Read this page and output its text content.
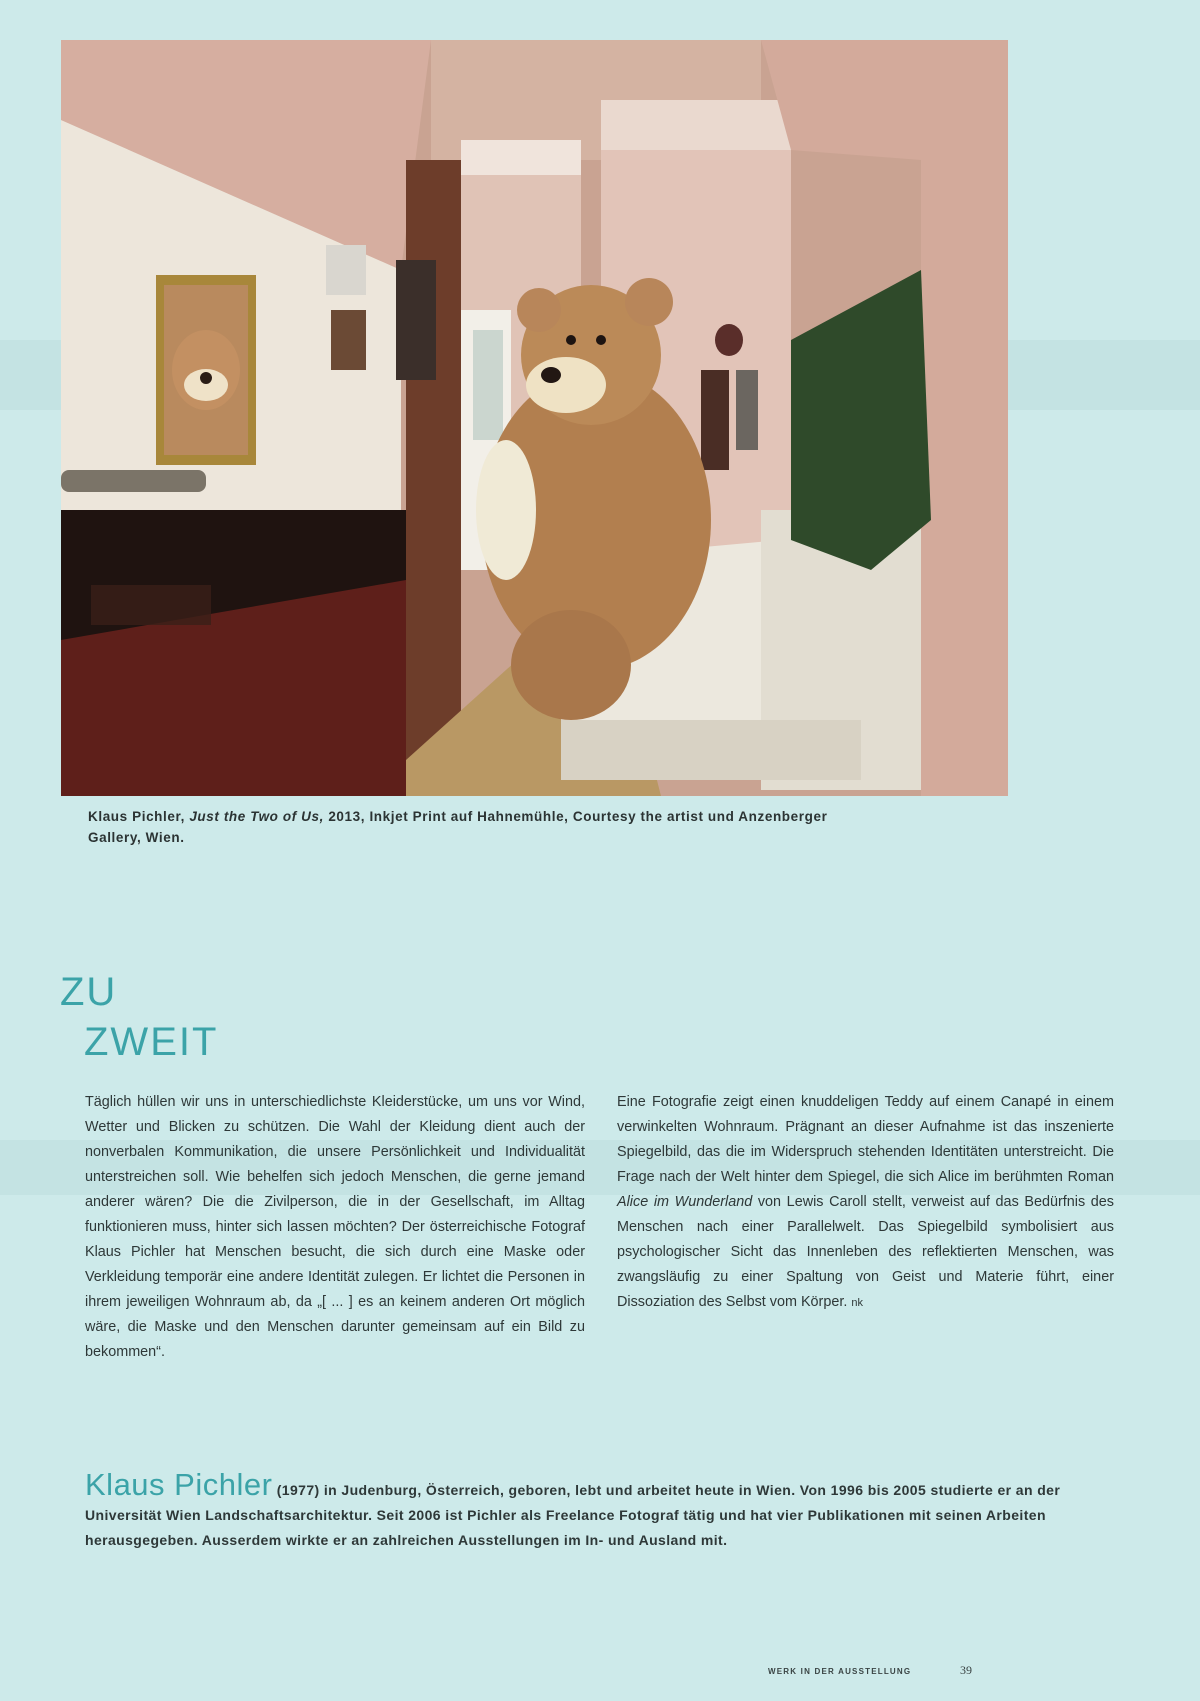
Klaus Pichler, Just the Two of Us, 2013, Inkjet Print auf Hahnemühle, Courtesy the artist und Anzenberger
Gallery, Wien.
ZU
ZWEIT
Täglich hüllen wir uns in unterschiedlichste Kleiderstücke, um uns vor Wind, Wetter und Blicken zu schützen. Die Wahl der Kleidung dient auch der nonverbalen Kommunikation, die unsere Persönlichkeit und Individualität unterstreichen soll. Wie behelfen sich jedoch Menschen, die gerne jemand anderer wären? Die die Zivilperson, die in der Gesellschaft, im Alltag funktionieren muss, hinter sich lassen möchten? Der österreichische Fotograf Klaus Pichler hat Menschen besucht, die sich durch eine Maske oder Verkleidung temporär eine andere Identität zulegen. Er lichtet die Personen in ihrem jeweiligen Wohnraum ab, da „[ ... ] es an keinem anderen Ort möglich wäre, die Maske und den Menschen darunter gemeinsam auf ein Bild zu bekommen“.
Eine Fotografie zeigt einen knuddeligen Teddy auf einem Canapé in einem verwinkelten Wohnraum. Prägnant an dieser Aufnahme ist das inszenierte Spiegelbild, das die im Widerspruch stehenden Identitäten unterstreicht. Die Frage nach der Welt hinter dem Spiegel, die sich Alice im berühmten Roman Alice im Wunderland von Lewis Caroll stellt, verweist auf das Bedürfnis des Menschen nach einer Parallelwelt. Das Spiegelbild symbolisiert aus psychologischer Sicht das Innenleben des reflektierten Menschen, was zwangsläufig zu einer Spaltung von Geist und Materie führt, einer Dissoziation des Selbst vom Körper. nk
Klaus Pichler (1977) in Judenburg, Österreich, geboren, lebt und arbeitet heute in Wien. Von 1996 bis 2005 studierte er an der Universität Wien Landschaftsarchitektur. Seit 2006 ist Pichler als Freelance Fotograf tätig und hat vier Publikationen mit seinen Arbeiten herausgegeben. Ausserdem wirkte er an zahlreichen Ausstellungen im In- und Ausland mit.
WERK IN DER AUSSTELLUNG	39
